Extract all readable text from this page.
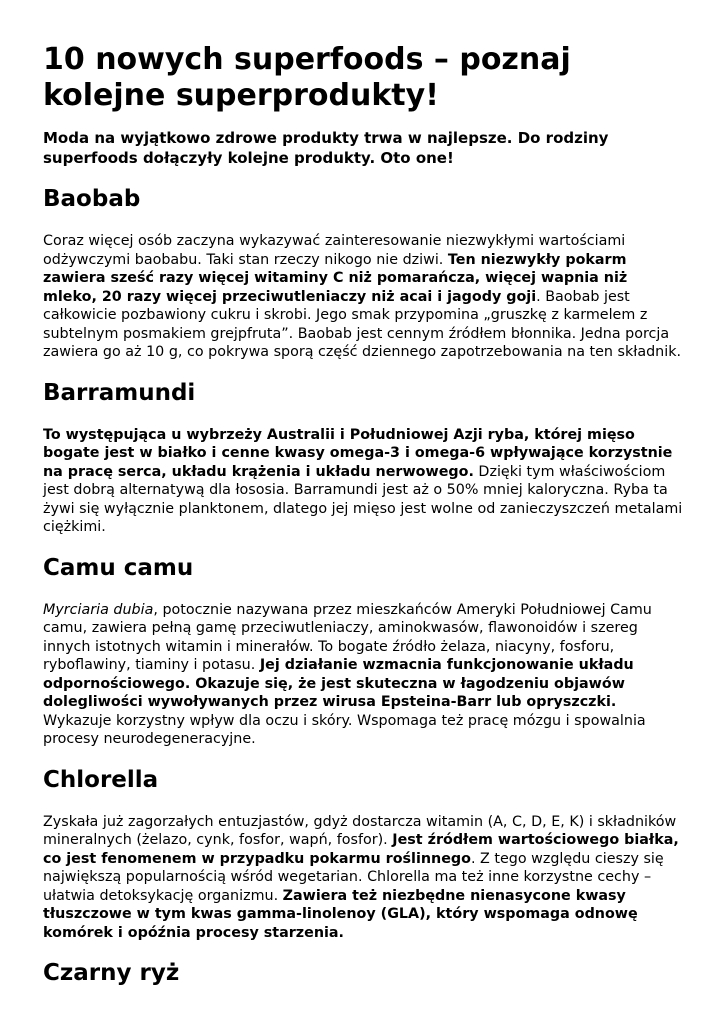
10 nowych superfoods – poznaj kolejne superprodukty!

Moda na wyjątkowo zdrowe produkty trwa w najlepsze. Do rodziny superfoods dołączyły kolejne produkty. Oto one!

Baobab

Coraz więcej osób zaczyna wykazywać zainteresowanie niezwykłymi wartościami odżywczymi baobabu. Taki stan rzeczy nikogo nie dziwi. Ten niezwykły pokarm zawiera sześć razy więcej witaminy C niż pomarańcza, więcej wapnia niż mleko, 20 razy więcej przeciwutleniaczy niż acai i jagody goji. Baobab jest całkowicie pozbawiony cukru i skrobi. Jego smak przypomina „gruszkę z karmelem z subtelnym posmakiem grejpfruta”. Baobab jest cennym źródłem błonnika. Jedna porcja zawiera go aż 10 g, co pokrywa sporą część dziennego zapotrzebowania na ten składnik.

Barramundi

To występująca u wybrzeży Australii i Południowej Azji ryba, której mięso bogate jest w białko i cenne kwasy omega-3 i omega-6 wpływające korzystnie na pracę serca, układu krążenia i układu nerwowego. Dzięki tym właściwościom jest dobrą alternatywą dla łososia. Barramundi jest aż o 50% mniej kaloryczna. Ryba ta żywi się wyłącznie planktonem, dlatego jej mięso jest wolne od zanieczyszczeń metalami ciężkimi.

Camu camu

Myrciaria dubia, potocznie nazywana przez mieszkańców Ameryki Południowej Camu camu, zawiera pełną gamę przeciwutleniaczy, aminokwasów, flawonoidów i szereg innych istotnych witamin i minerałów. To bogate źródło żelaza, niacyny, fosforu, ryboflawiny, tiaminy i potasu. Jej działanie wzmacnia funkcjonowanie układu odpornościowego. Okazuje się, że jest skuteczna w łagodzeniu objawów dolegliwości wywoływanych przez wirusa Epsteina-Barr lub opryszczki. Wykazuje korzystny wpływ dla oczu i skóry. Wspomaga też pracę mózgu i spowalnia procesy neurodegeneracyjne.

Chlorella

Zyskała już zagorzałych entuzjastów, gdyż dostarcza witamin (A, C, D, E, K) i składników mineralnych (żelazo, cynk, fosfor, wapń, fosfor). Jest źródłem wartościowego białka, co jest fenomenem w przypadku pokarmu roślinnego. Z tego względu cieszy się największą popularnością wśród wegetarian. Chlorella ma też inne korzystne cechy – ułatwia detoksykację organizmu. Zawiera też niezbędne nienasycone kwasy tłuszczowe w tym kwas gamma-linolenoy (GLA), który wspomaga odnowę komórek i opóźnia procesy starzenia.

Czarny ryż
